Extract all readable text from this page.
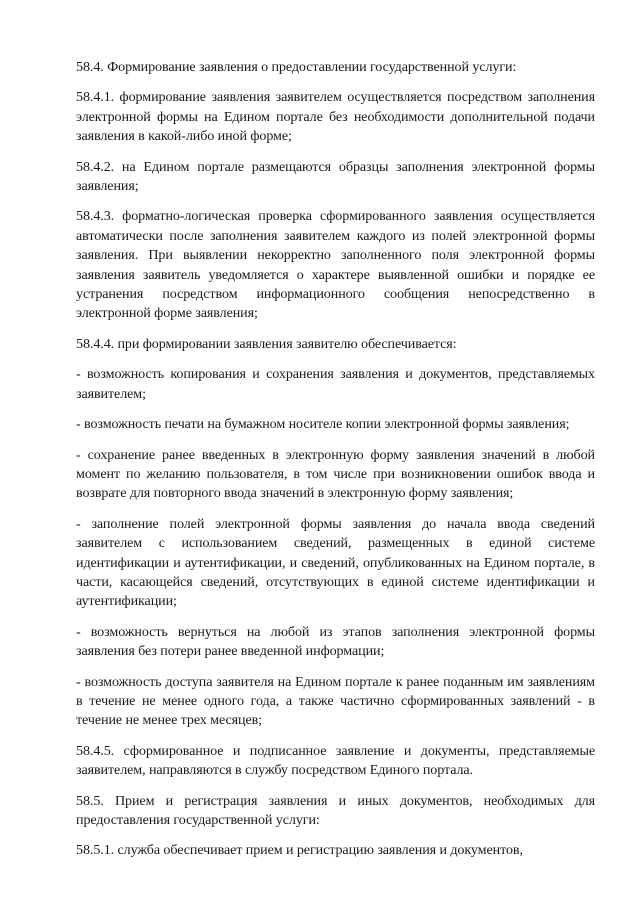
58.4. Формирование заявления о предоставлении государственной услуги:

58.4.1. формирование заявления заявителем осуществляется посредством заполнения электронной формы на Едином портале без необходимости дополнительной подачи заявления в какой-либо иной форме;

58.4.2. на Едином портале размещаются образцы заполнения электронной формы заявления;

58.4.3. форматно-логическая проверка сформированного заявления осуществляется автоматически после заполнения заявителем каждого из полей электронной формы заявления. При выявлении некорректно заполненного поля электронной формы заявления заявитель уведомляется о характере выявленной ошибки и порядке ее устранения посредством информационного сообщения непосредственно в электронной форме заявления;

58.4.4. при формировании заявления заявителю обеспечивается:

- возможность копирования и сохранения заявления и документов, представляемых заявителем;

- возможность печати на бумажном носителе копии электронной формы заявления;

- сохранение ранее введенных в электронную форму заявления значений в любой момент по желанию пользователя, в том числе при возникновении ошибок ввода и возврате для повторного ввода значений в электронную форму заявления;

- заполнение полей электронной формы заявления до начала ввода сведений заявителем с использованием сведений, размещенных в единой системе идентификации и аутентификации, и сведений, опубликованных на Едином портале, в части, касающейся сведений, отсутствующих в единой системе идентификации и аутентификации;

- возможность вернуться на любой из этапов заполнения электронной формы заявления без потери ранее введенной информации;

- возможность доступа заявителя на Едином портале к ранее поданным им заявлениям в течение не менее одного года, а также частично сформированных заявлений - в течение не менее трех месяцев;

58.4.5. сформированное и подписанное заявление и документы, представляемые заявителем, направляются в службу посредством Единого портала.

58.5. Прием и регистрация заявления и иных документов, необходимых для предоставления государственной услуги:

58.5.1. служба обеспечивает прием и регистрацию заявления и документов,
